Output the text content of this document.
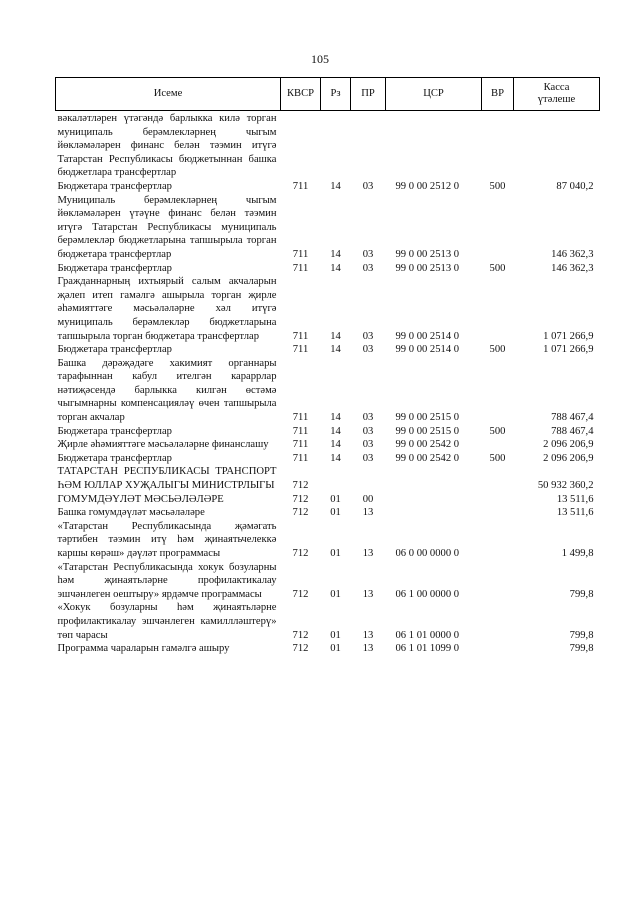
105
Исеме	КВСР	Рз	ПР	ЦСР	ВР	Касса
үтәлеше
вәкаләтләрен үтәгәндә барлыкка килә торган муниципаль берәмлекләрнең чыгым йөкләмәләрен финанс белән тәэмин итүгә Татарстан Республикасы бюджетыннан башка бюджетлара трансфертлар						
Бюджетара трансфертлар	711	14	03	99 0 00 2512 0	500	87 040,2
Муниципаль берәмлекләрнең чыгым йөкләмәләрен үтәүне финанс белән тәэмин итүгә Татарстан Республикасы муниципаль берәмлекләр бюджетларына тапшырыла торган бюджетара трансфертлар	711	14	03	99 0 00 2513 0		146 362,3
Бюджетара трансфертлар	711	14	03	99 0 00 2513 0	500	146 362,3
Гражданнарның ихтыярый салым акчаларын җәлеп итеп гамәлгә ашырыла торган җирле әһәмияттәге мәсьәләләрне хәл итүгә муниципаль берәмлекләр бюджетларына тапшырыла торган бюджетара трансфертлар	711	14	03	99 0 00 2514 0		1 071 266,9
Бюджетара трансфертлар	711	14	03	99 0 00 2514 0	500	1 071 266,9
Башка дәрәҗәдәге хакимият органнары тарафыннан кабул ителгән караррлар нәтиҗәсендә барлыкка килгән өстәмә чыгымнарны компенсацияләү өчен тапшырыла торган акчалар	711	14	03	99 0 00 2515 0		788 467,4
Бюджетара трансфертлар	711	14	03	99 0 00 2515 0	500	788 467,4
Җирле әһәмияттәге мәсьәләләрне финанслашу	711	14	03	99 0 00 2542 0		2 096 206,9
Бюджетара трансфертлар	711	14	03	99 0 00 2542 0	500	2 096 206,9
ТАТАРСТАН РЕСПУБЛИКАСЫ ТРАНСПОРТ ҺӘМ ЮЛЛАР ХУҖАЛЫГЫ МИНИСТРЛЫГЫ	712					50 932 360,2
ГОМУМДӘҮЛӘТ МӘСЬӘЛӘЛӘРЕ	712	01	00			13 511,6
Башка гомумдәүләт мәсьәләләре	712	01	13			13 511,6
«Татарстан Республикасында җәмәгать тәртибен тәэмин итү һәм җинаятьчелеккә каршы көрәш» дәүләт программасы	712	01	13	06 0 00 0000 0		1 499,8
«Татарстан Республикасында хокук бозуларны һәм җинаятьләрне профилактикалау эшчәнлеген оештыру» ярдәмче программасы	712	01	13	06 1 00 0000 0		799,8
«Хокук бозуларны һәм җинаятьләрне профилактикалау эшчәнлеген камиллләштерү» төп чарасы	712	01	13	06 1 01 0000 0		799,8
Программа чараларын гамәлгә ашыру	712	01	13	06 1 01 1099 0		799,8
